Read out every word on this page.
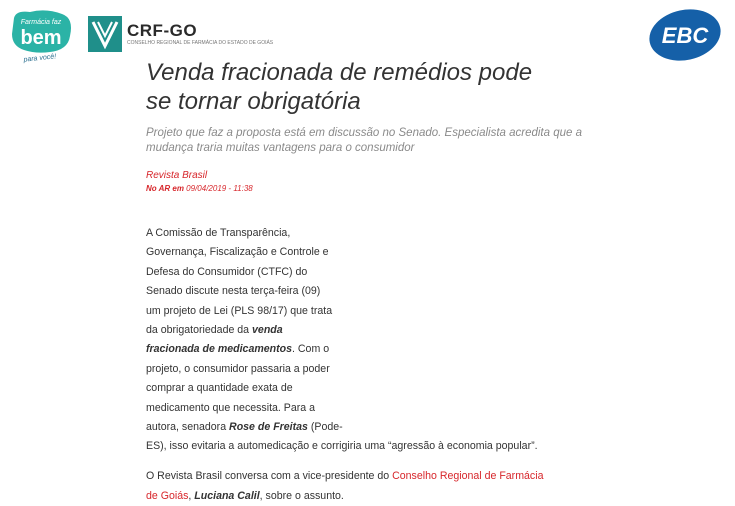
Farmácia faz
bem
para você!
CRF-GO
CONSELHO REGIONAL DE FARMÁCIA DO ESTADO DE GOIÁS	EBC
Venda fracionada de remédios pode
se tornar obrigatória
Projeto que faz a proposta está em discussão no Senado. Especialista acredita que a
mudança traria muitas vantagens para o consumidor
Revista Brasil
No AR em 09/04/2019 - 11:38

A Comissão de Transparência,
Governança, Fiscalização e Controle e
Defesa do Consumidor (CTFC) do
Senado discute nesta terça-feira (09)
um projeto de Lei (PLS 98/17) que trata
da obrigatoriedade da venda
fracionada de medicamentos. Com o
projeto, o consumidor passaria a poder
comprar a quantidade exata de
medicamento que necessita. Para a
autora, senadora Rose de Freitas (Pode-
ES), isso evitaria a automedicação e corrigiria uma “agressão à economia popular”.

O Revista Brasil conversa com a vice-presidente do Conselho Regional de Farmácia
de Goiás, Luciana Calil, sobre o assunto.
